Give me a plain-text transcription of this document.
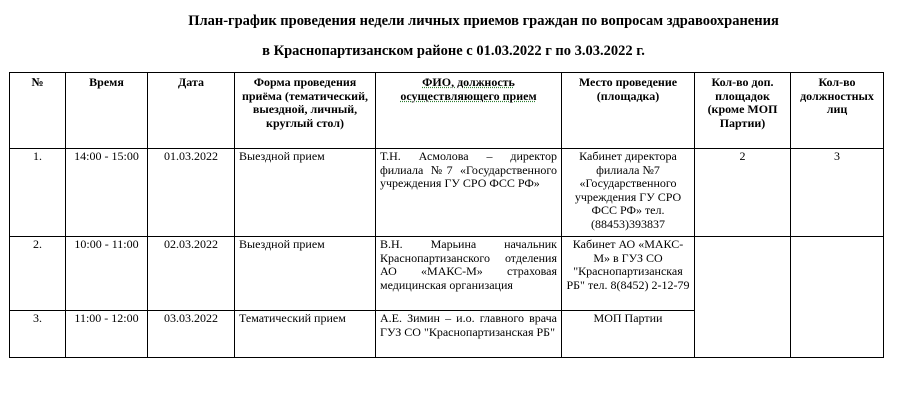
План-график проведения недели личных приемов граждан по вопросам здравоохранения
в Краснопартизанском районе с 01.03.2022 г по 3.03.2022 г.
№	Время	Дата	Форма проведения приёма (тематический, выездной, личный, круглый стол)	ФИО, должность осуществляющего прием	Место проведение (площадка)	Кол-во доп. площадок (кроме МОП Партии)	Кол-во должностных лиц
1.	14:00 - 15:00	01.03.2022	Выездной прием	Т.Н. Асмолова – директор филиала №7 «Государственного учреждения ГУ СРО ФСС РФ»	Кабинет директора филиала №7 «Государственного учреждения ГУ СРО ФСС РФ» тел. (88453)393837	2	3
2.	10:00 - 11:00	02.03.2022	Выездной прием	В.Н. Марьина начальник Краснопартизанского отделения АО «МАКС-М» страховая медицинская организация	Кабинет АО «МАКС-М» в ГУЗ СО "Краснопартизанская РБ" тел. 8(8452) 2-12-79		
3.	11:00 - 12:00	03.03.2022	Тематический прием	А.Е. Зимин – и.о. главного врача ГУЗ СО "Краснопартизанская РБ"	МОП Партии		
